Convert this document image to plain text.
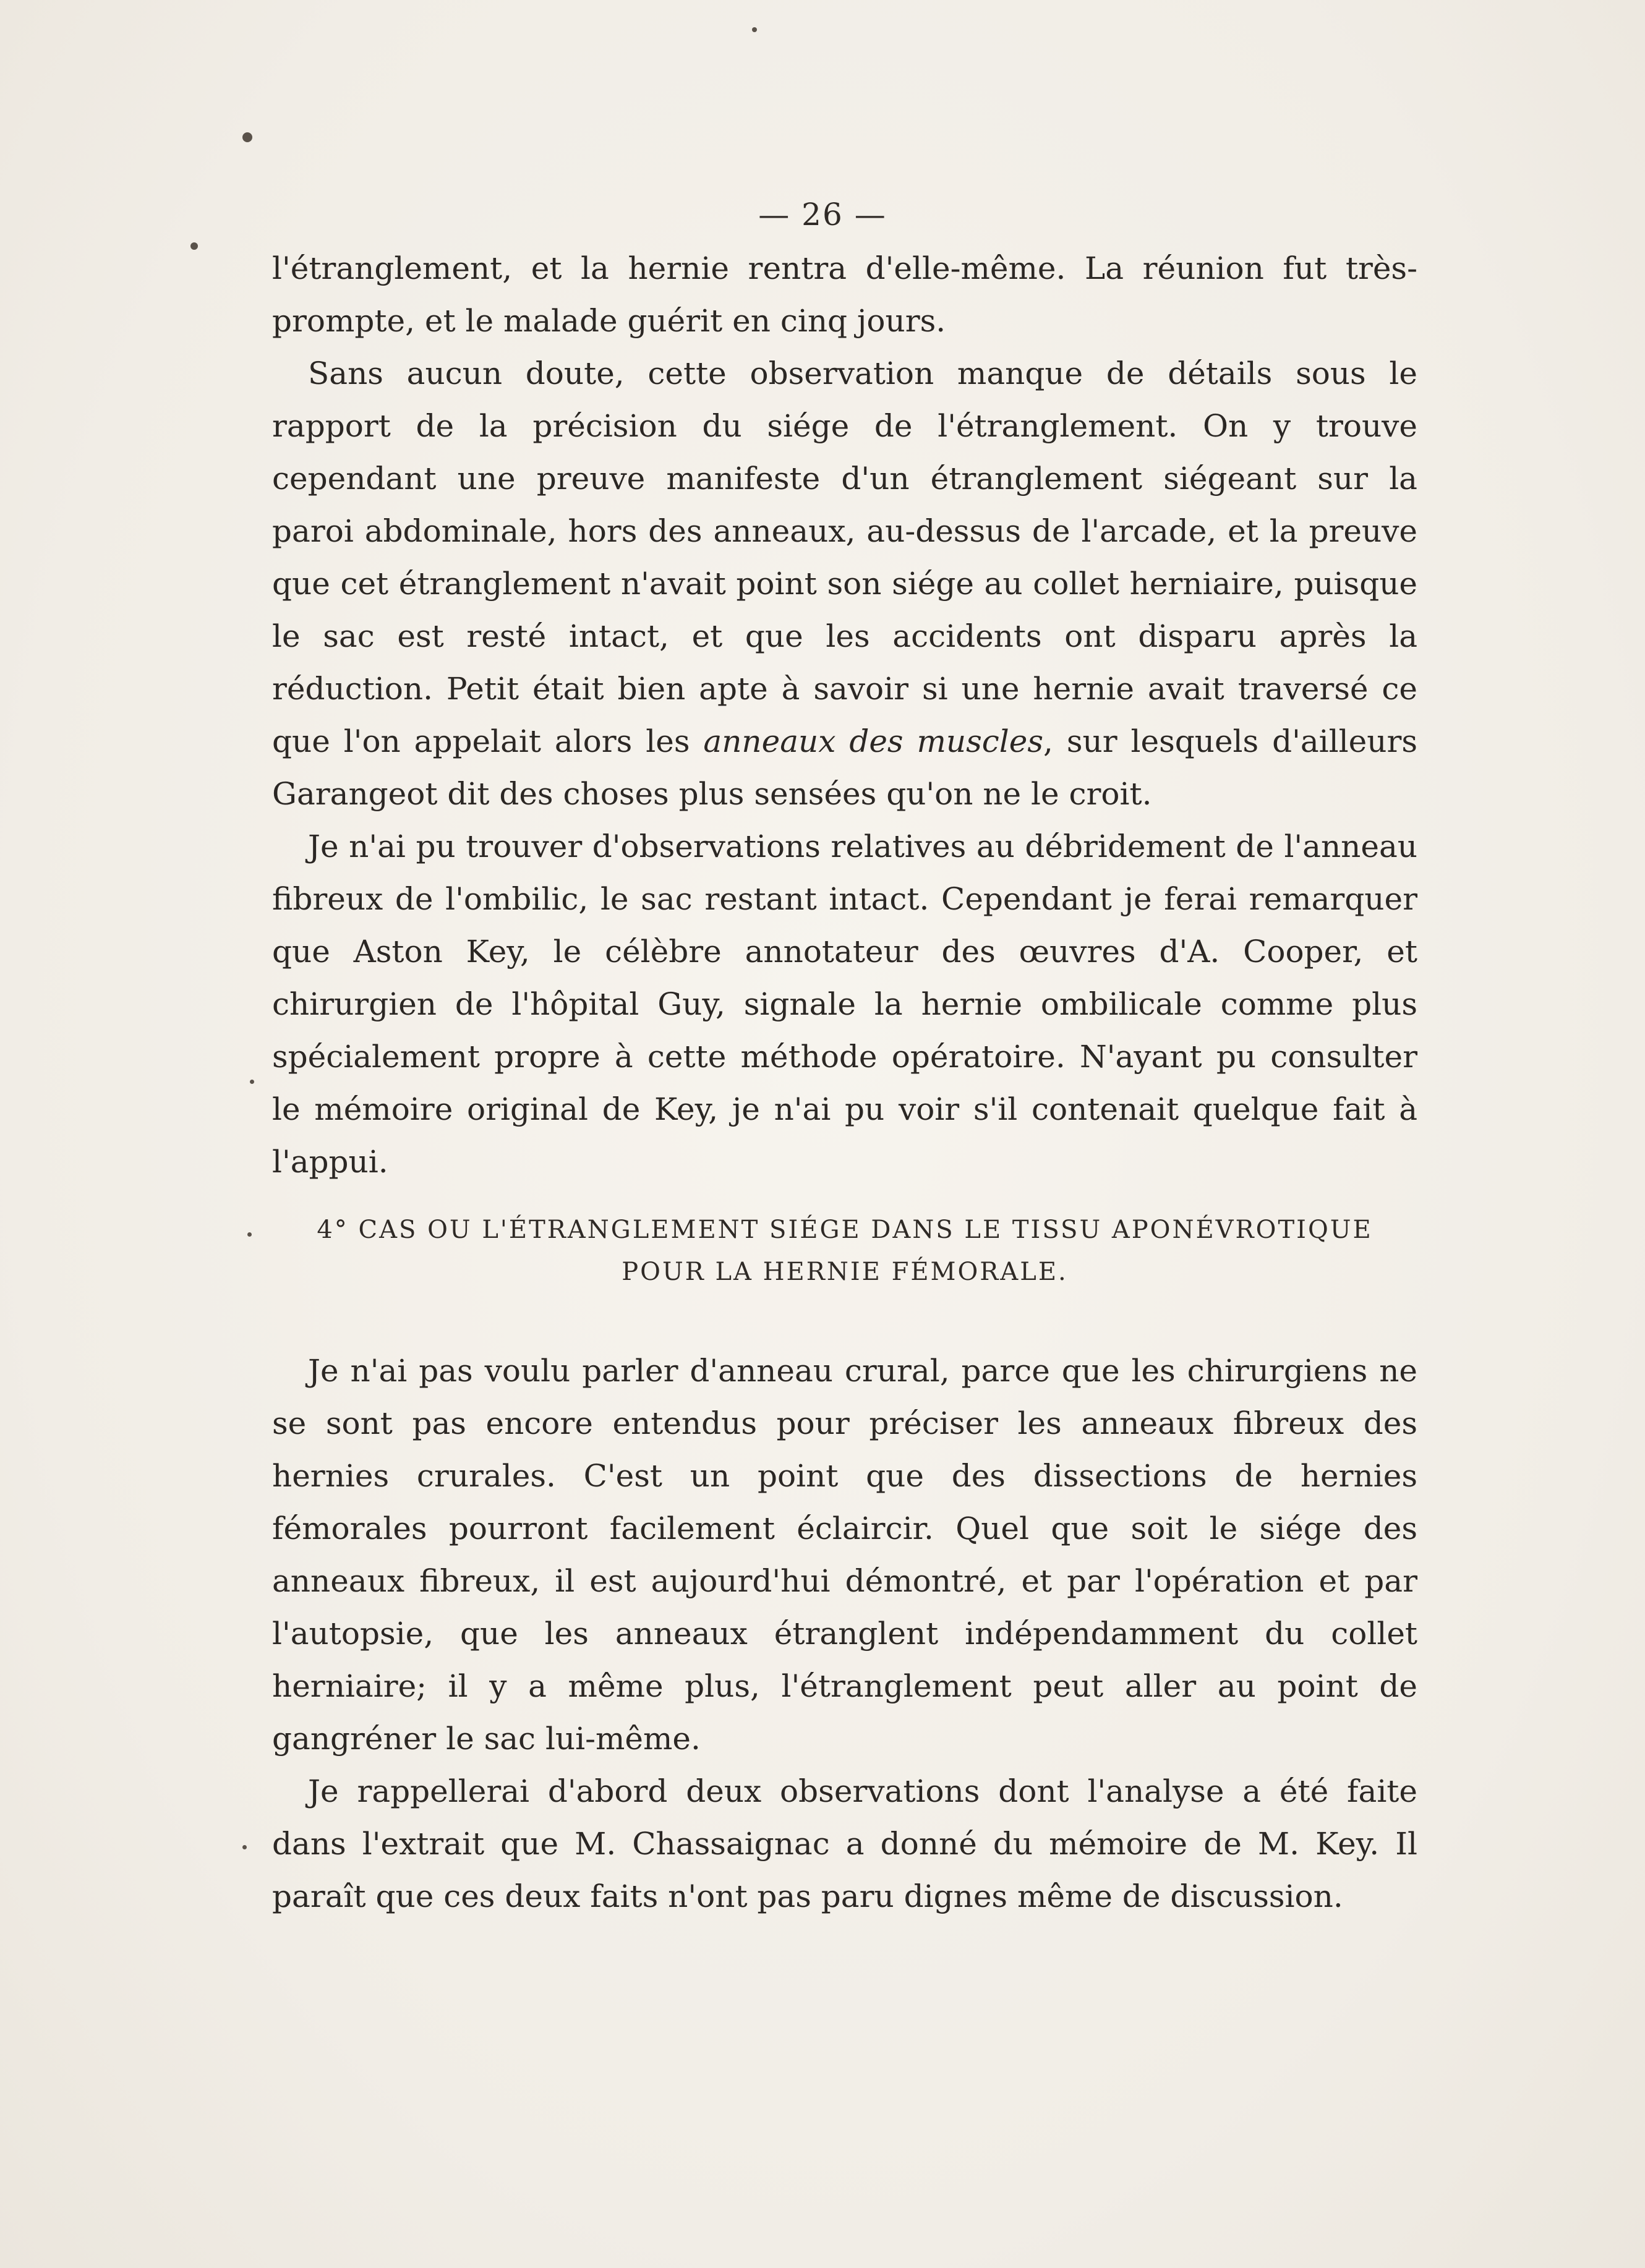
— 26 —

l'étranglement, et la hernie rentra d'elle-même. La réunion fut très-prompte, et le malade guérit en cinq jours.

Sans aucun doute, cette observation manque de détails sous le rapport de la précision du siége de l'étranglement. On y trouve cependant une preuve manifeste d'un étranglement siégeant sur la paroi abdominale, hors des anneaux, au-dessus de l'arcade, et la preuve que cet étranglement n'avait point son siége au collet herniaire, puisque le sac est resté intact, et que les accidents ont disparu après la réduction. Petit était bien apte à savoir si une hernie avait traversé ce que l'on appelait alors les anneaux des muscles, sur lesquels d'ailleurs Garangeot dit des choses plus sensées qu'on ne le croit.

Je n'ai pu trouver d'observations relatives au débridement de l'anneau fibreux de l'ombilic, le sac restant intact. Cependant je ferai remarquer que Aston Key, le célèbre annotateur des œuvres d'A. Cooper, et chirurgien de l'hôpital Guy, signale la hernie ombilicale comme plus spécialement propre à cette méthode opératoire. N'ayant pu consulter le mémoire original de Key, je n'ai pu voir s'il contenait quelque fait à l'appui.

4° CAS OU L'ÉTRANGLEMENT SIÉGE DANS LE TISSU APONÉVROTIQUE
POUR LA HERNIE FÉMORALE.

Je n'ai pas voulu parler d'anneau crural, parce que les chirurgiens ne se sont pas encore entendus pour préciser les anneaux fibreux des hernies crurales. C'est un point que des dissections de hernies fémorales pourront facilement éclaircir. Quel que soit le siége des anneaux fibreux, il est aujourd'hui démontré, et par l'opération et par l'autopsie, que les anneaux étranglent indépendamment du collet herniaire; il y a même plus, l'étranglement peut aller au point de gangréner le sac lui-même.

Je rappellerai d'abord deux observations dont l'analyse a été faite dans l'extrait que M. Chassaignac a donné du mémoire de M. Key. Il paraît que ces deux faits n'ont pas paru dignes même de discussion.
